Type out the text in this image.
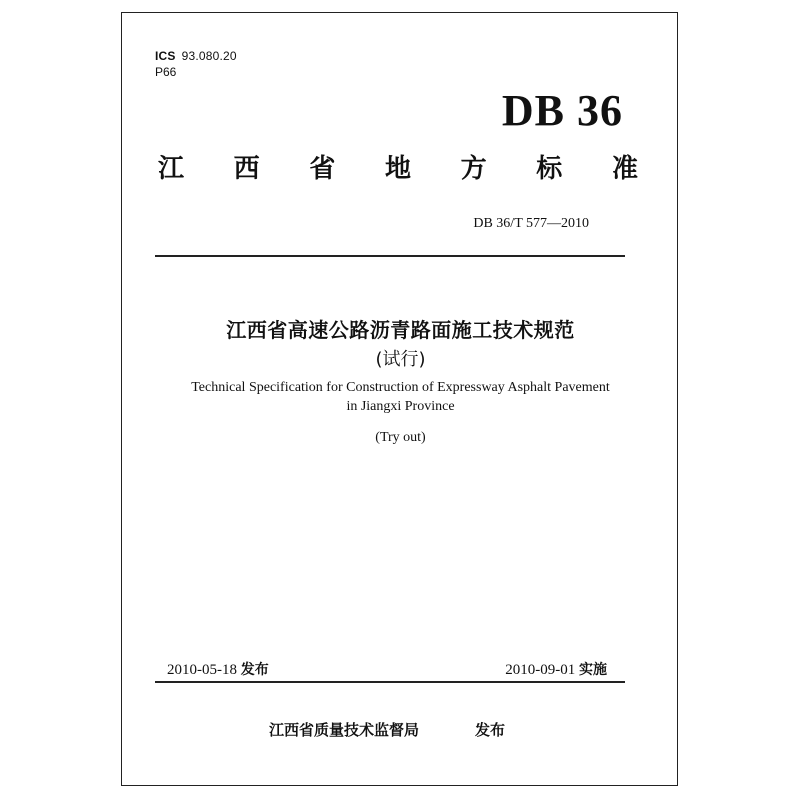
ICS 93.080.20
P66
DB 36
江 西 省 地 方 标 准
DB 36/T 577—2010
江西省高速公路沥青路面施工技术规范
(试行)
Technical Specification for Construction of Expressway Asphalt Pavement
in Jiangxi Province
(Try out)
2010-05-18 发布	2010-09-01 实施
江西省质量技术监督局	发布
